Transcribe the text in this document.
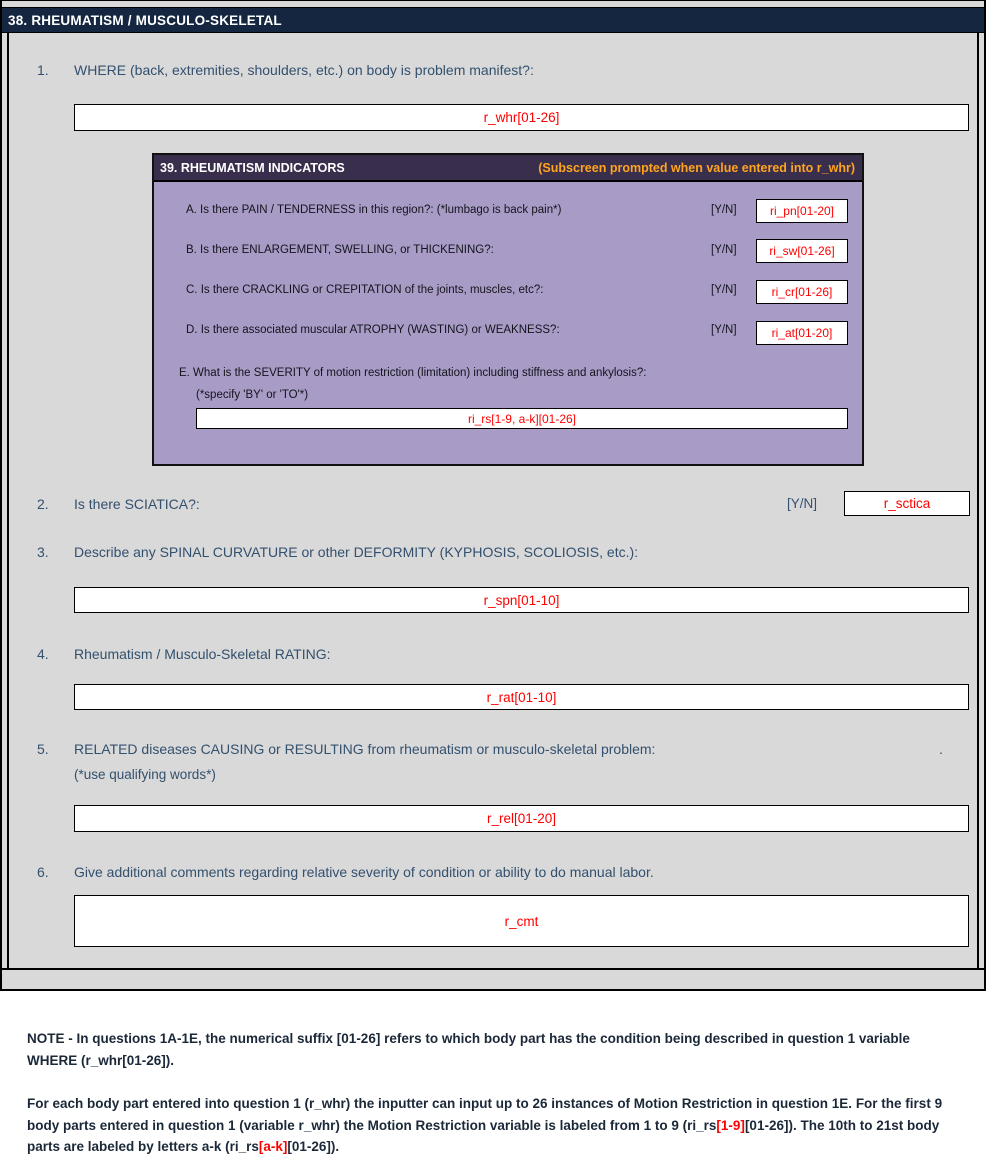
38. RHEUMATISM / MUSCULO-SKELETAL
1. WHERE (back, extremities, shoulders, etc.) on body is problem manifest?:
r_whr[01-26]
39. RHEUMATISM INDICATORS	(Subscreen prompted when value entered into r_whr)
A. Is there PAIN / TENDERNESS in this region?: (*lumbago is back pain*)	[Y/N]	ri_pn[01-20]
B. Is there ENLARGEMENT, SWELLING, or THICKENING?:	[Y/N]	ri_sw[01-26]
C. Is there CRACKLING or CREPITATION of the joints, muscles, etc?:	[Y/N]	ri_cr[01-26]
D. Is there associated muscular ATROPHY (WASTING) or WEAKNESS?:	[Y/N]	ri_at[01-20]
E. What is the SEVERITY of motion restriction (limitation) including stiffness and ankylosis?:
(*specify 'BY' or 'TO'*)
ri_rs[1-9, a-k][01-26]
2. Is there SCIATICA?:	[Y/N]	r_sctica
3. Describe any SPINAL CURVATURE or other DEFORMITY (KYPHOSIS, SCOLIOSIS, etc.):
r_spn[01-10]
4. Rheumatism / Musculo-Skeletal RATING:
r_rat[01-10]
5. RELATED diseases CAUSING or RESULTING from rheumatism or musculo-skeletal problem:	.
(*use qualifying words*)
r_rel[01-20]
6. Give additional comments regarding relative severity of condition or ability to do manual labor.
r_cmt

NOTE - In questions 1A-1E, the numerical suffix [01-26] refers to which body part has the condition being described in question 1 variable WHERE (r_whr[01-26]).

For each body part entered into question 1 (r_whr) the inputter can input up to 26 instances of Motion Restriction in question 1E. For the first 9 body parts entered in question 1 (variable r_whr) the Motion Restriction variable is labeled from 1 to 9 (ri_rs[1-9][01-26]). The 10th to 21st body parts are labeled by letters a-k (ri_rs[a-k][01-26]).
